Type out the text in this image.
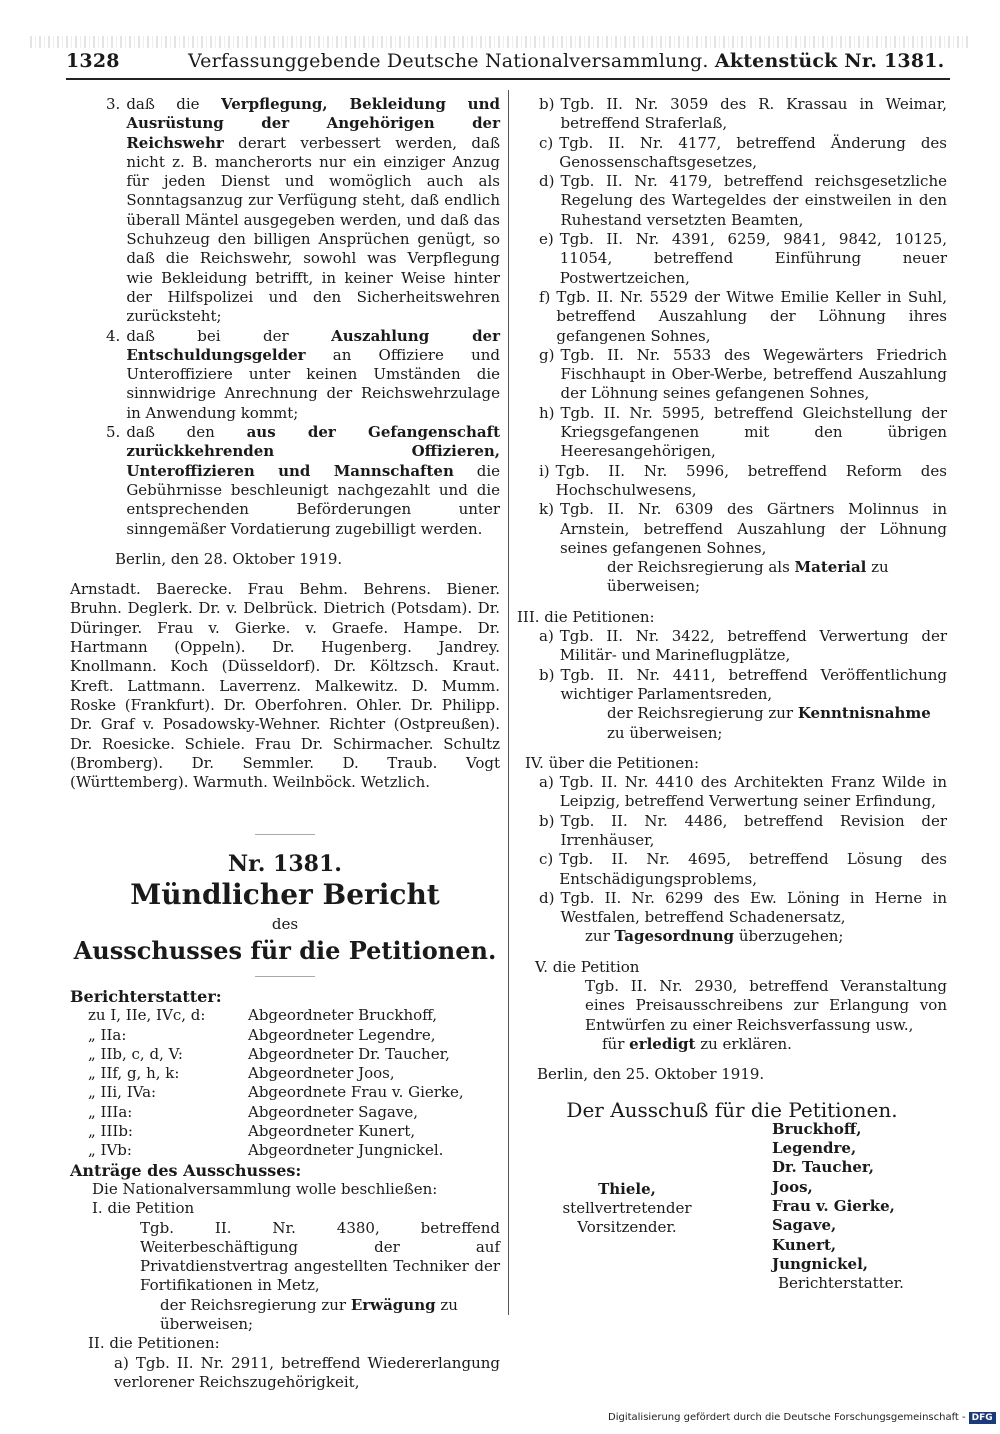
1328	Verfassunggebende Deutsche Nationalversammlung. Aktenstück Nr. 1381.
3. daß die Verpflegung, Bekleidung und Ausrüstung der Angehörigen der Reichswehr derart verbessert werden, daß nicht z. B. mancherorts nur ein einziger Anzug für jeden Dienst und womöglich auch als Sonntagsanzug zur Verfügung steht, daß endlich überall Mäntel ausgegeben werden, und daß das Schuhzeug den billigen Ansprüchen genügt, so daß die Reichswehr, sowohl was Verpflegung wie Bekleidung betrifft, in keiner Weise hinter der Hilfspolizei und den Sicherheitswehren zurücksteht;
4. daß bei der Auszahlung der Entschuldungsgelder an Offiziere und Unteroffiziere unter keinen Umständen die sinnwidrige Anrechnung der Reichswehrzulage in Anwendung kommt;
5. daß den aus der Gefangenschaft zurückkehrenden Offizieren, Unteroffizieren und Mannschaften die Gebührnisse beschleunigt nachgezahlt und die entsprechenden Beförderungen unter sinngemäßer Vordatierung zugebilligt werden.

Berlin, den 28. Oktober 1919.

Arnstadt. Baerecke. Frau Behm. Behrens. Biener. Bruhn. Deglerk. Dr. v. Delbrück. Dietrich (Potsdam). Dr. Düringer. Frau v. Gierke. v. Graefe. Hampe. Dr. Hartmann (Oppeln). Dr. Hugenberg. Jandrey. Knollmann. Koch (Düsseldorf). Dr. Költzsch. Kraut. Kreft. Lattmann. Laverrenz. Malkewitz. D. Mumm. Roske (Frankfurt). Dr. Oberfohren. Ohler. Dr. Philipp. Dr. Graf v. Posadowsky-Wehner. Richter (Ostpreußen). Dr. Roesicke. Schiele. Frau Dr. Schirmacher. Schultz (Bromberg). Dr. Semmler. D. Traub. Vogt (Württemberg). Warmuth. Weilnböck. Wetzlich.

Nr. 1381.
Mündlicher Bericht
des
Ausschusses für die Petitionen.
Berichterstatter:
zu I, IIe, IVc, d:	Abgeordneter Bruckhoff,
„ IIa:	Abgeordneter Legendre,
„ IIb, c, d, V:	Abgeordneter Dr. Taucher,
„ IIf, g, h, k:	Abgeordneter Joos,
„ IIi, IVa:	Abgeordnete Frau v. Gierke,
„ IIIa:	Abgeordneter Sagave,
„ IIIb:	Abgeordneter Kunert,
„ IVb:	Abgeordneter Jungnickel.
Anträge des Ausschusses:

Die Nationalversammlung wolle beschließen:

I. die Petition

Tgb. II. Nr. 4380, betreffend Weiterbeschäftigung der auf Privatdienstvertrag angestellten Techniker der Fortifikationen in Metz,

der Reichsregierung zur Erwägung zu überweisen;

II. die Petitionen:

a) Tgb. II. Nr. 2911, betreffend Wiedererlangung verlorener Reichszugehörigkeit,

b) Tgb. II. Nr. 3059 des R. Krassau in Weimar, betreffend Straferlaß,
c) Tgb. II. Nr. 4177, betreffend Änderung des Genossenschaftsgesetzes,
d) Tgb. II. Nr. 4179, betreffend reichsgesetzliche Regelung des Wartegeldes der einstweilen in den Ruhestand versetzten Beamten,
e) Tgb. II. Nr. 4391, 6259, 9841, 9842, 10125, 11054, betreffend Einführung neuer Postwertzeichen,
f) Tgb. II. Nr. 5529 der Witwe Emilie Keller in Suhl, betreffend Auszahlung der Löhnung ihres gefangenen Sohnes,
g) Tgb. II. Nr. 5533 des Wegewärters Friedrich Fischhaupt in Ober-Werbe, betreffend Auszahlung der Löhnung seines gefangenen Sohnes,
h) Tgb. II. Nr. 5995, betreffend Gleichstellung der Kriegsgefangenen mit den übrigen Heeresangehörigen,
i) Tgb. II. Nr. 5996, betreffend Reform des Hochschulwesens,
k) Tgb. II. Nr. 6309 des Gärtners Molinnus in Arnstein, betreffend Auszahlung der Löhnung seines gefangenen Sohnes,

der Reichsregierung als Material zu überweisen;

III. die Petitionen:

a) Tgb. II. Nr. 3422, betreffend Verwertung der Militär- und Marineflugplätze,
b) Tgb. II. Nr. 4411, betreffend Veröffentlichung wichtiger Parlamentsreden,

der Reichsregierung zur Kenntnisnahme zu überweisen;

IV. über die Petitionen:

a) Tgb. II. Nr. 4410 des Architekten Franz Wilde in Leipzig, betreffend Verwertung seiner Erfindung,
b) Tgb. II. Nr. 4486, betreffend Revision der Irrenhäuser,
c) Tgb. II. Nr. 4695, betreffend Lösung des Entschädigungsproblems,
d) Tgb. II. Nr. 6299 des Ew. Löning in Herne in Westfalen, betreffend Schadenersatz,

zur Tagesordnung überzugehen;

V. die Petition

Tgb. II. Nr. 2930, betreffend Veranstaltung eines Preisausschreibens zur Erlangung von Entwürfen zu einer Reichsverfassung usw.,

für erledigt zu erklären.

Berlin, den 25. Oktober 1919.

Der Ausschuß für die Petitionen.
Thiele,
stellvertretender Vorsitzender.
Bruckhoff,
Legendre,
Dr. Taucher,
Joos,
Frau v. Gierke,
Sagave,
Kunert,
Jungnickel,
Berichterstatter.
Digitalisierung gefördert durch die Deutsche Forschungsgemeinschaft - DFG
